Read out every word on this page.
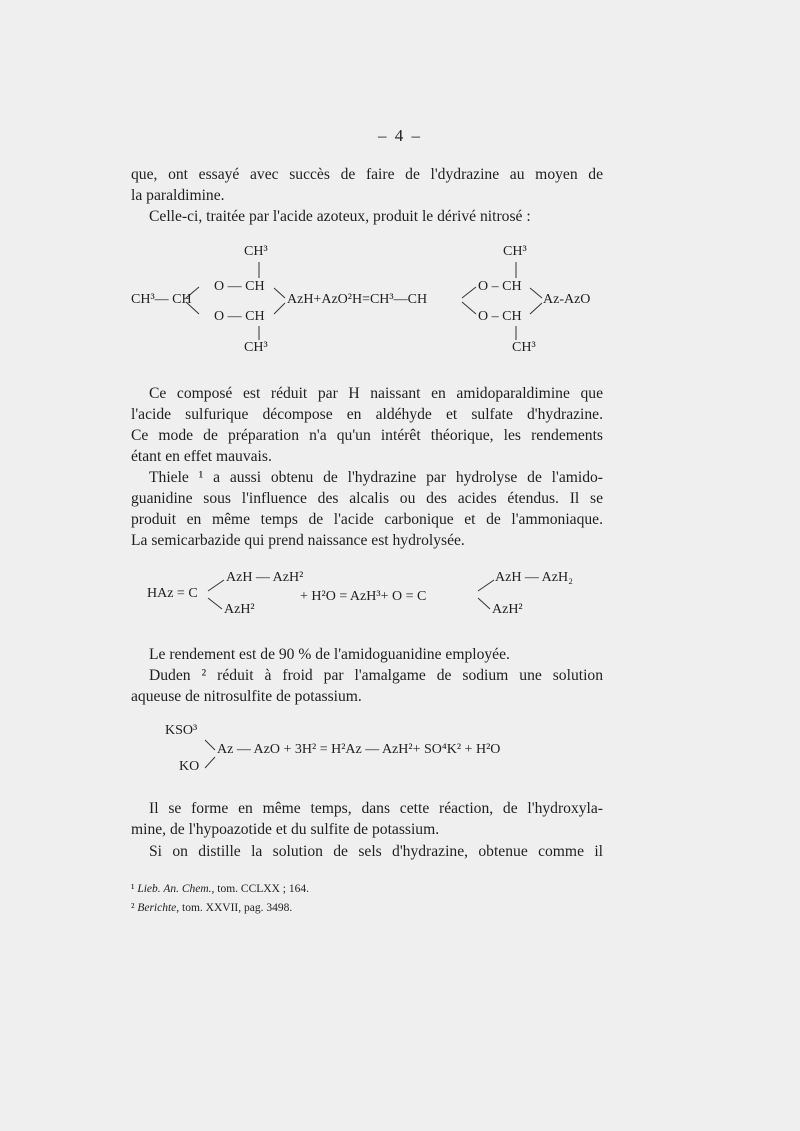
– 4 –
que, ont essayé avec succès de faire de l'dydrazine au moyen de
la paraldimine.
Celle-ci, traitée par l'acide azoteux, produit le dérivé nitrosé :
CH³
O — CH
CH³— CH	AzH+AzO²H=CH³—CH
O — CH
CH³
CH³
O – CH
Az-AzO
O – CH
CH³
Ce composé est réduit par H naissant en amidoparaldimine que
l'acide sulfurique décompose en aldéhyde et sulfate d'hydrazine.
Ce mode de préparation n'a qu'un intérêt théorique, les rendements
étant en effet mauvais.
Thiele ¹ a aussi obtenu de l'hydrazine par hydrolyse de l'amido-
guanidine sous l'influence des alcalis ou des acides étendus. Il se
produit en même temps de l'acide carbonique et de l'ammoniaque.
La semicarbazide qui prend naissance est hydrolysée.
AzH — AzH²
HAz = C
AzH²
+ H²O = AzH³+ O = C
AzH — AzH₂
AzH²
Le rendement est de 90 % de l'amidoguanidine employée.
Duden ² réduit à froid par l'amalgame de sodium une solution
aqueuse de nitrosulfite de potassium.
KSO³
KO
Az — AzO + 3H² = H²Az — AzH²+ SO⁴K² + H²O
Il se forme en même temps, dans cette réaction, de l'hydroxyla-
mine, de l'hypoazotide et du sulfite de potassium.
Si on distille la solution de sels d'hydrazine, obtenue comme il
¹ Lieb. An. Chem., tom. CCLXX ; 164.
² Berichte, tom. XXVII, pag. 3498.
